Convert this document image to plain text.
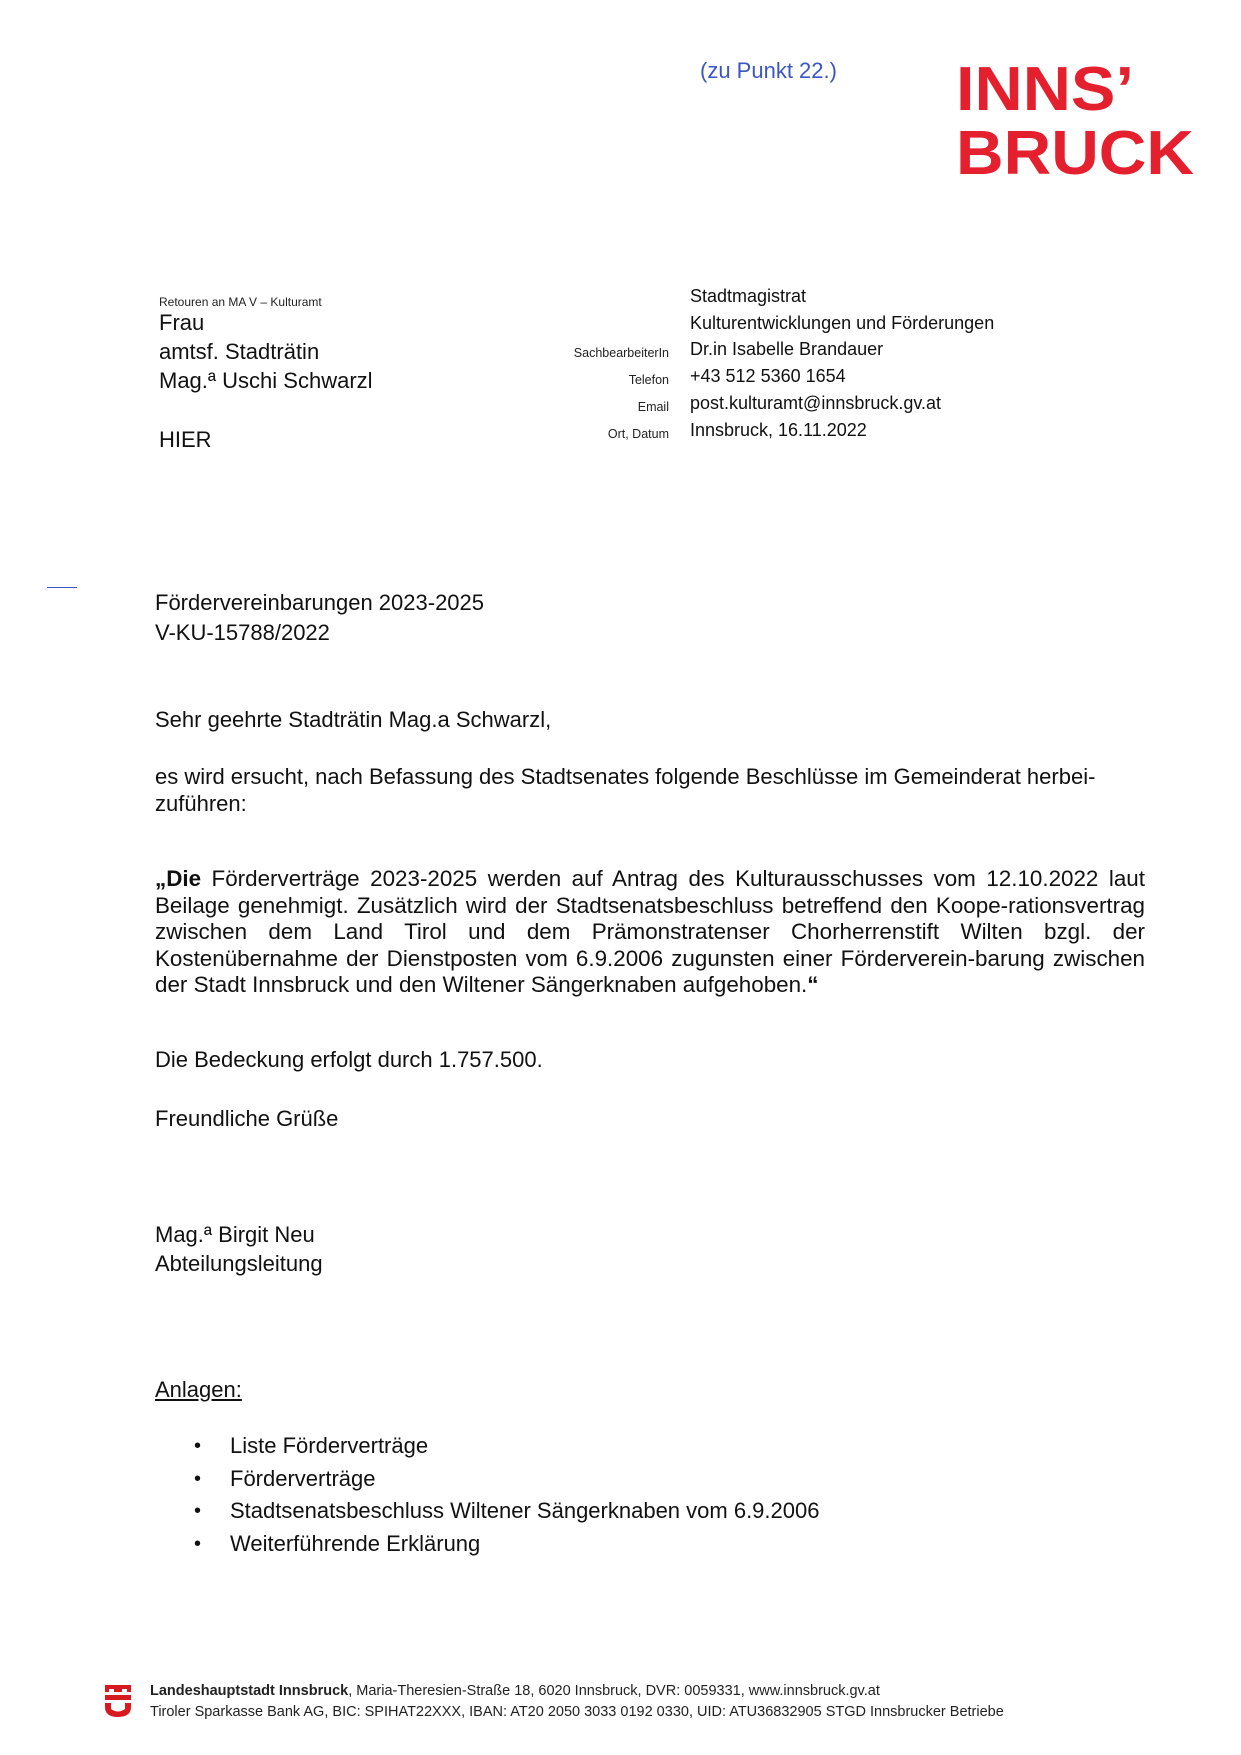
(zu Punkt 22.) INNS’
BRUCK
Retouren an MA V – Kulturamt
Frau
amtsf. Stadträtin
Mag.ª Uschi Schwarzl
HIER
Stadtmagistrat
Kulturentwicklungen und Förderungen
SachbearbeiterIn Dr.in Isabelle Brandauer
Telefon +43 512 5360 1654
Email post.kulturamt@innsbruck.gv.at
Ort, Datum Innsbruck, 16.11.2022
Fördervereinbarungen 2023-2025
V-KU-15788/2022
Sehr geehrte Stadträtin Mag.a Schwarzl,
es wird ersucht, nach Befassung des Stadtsenates folgende Beschlüsse im Gemeinderat herbei-zuführen:
„Die Förderverträge 2023-2025 werden auf Antrag des Kulturausschusses vom 12.10.2022 laut Beilage genehmigt. Zusätzlich wird der Stadtsenatsbeschluss betreffend den Koope-rationsvertrag zwischen dem Land Tirol und dem Prämonstratenser Chorherrenstift Wilten bzgl. der Kostenübernahme der Dienstposten vom 6.9.2006 zugunsten einer Förderverein-barung zwischen der Stadt Innsbruck und den Wiltener Sängerknaben aufgehoben.“
Die Bedeckung erfolgt durch 1.757.500.
Freundliche Grüße
Mag.ª Birgit Neu
Abteilungsleitung
Anlagen:
• Liste Förderverträge
• Förderverträge
• Stadtsenatsbeschluss Wiltener Sängerknaben vom 6.9.2006
• Weiterführende Erklärung
Landeshauptstadt Innsbruck, Maria-Theresien-Straße 18, 6020 Innsbruck, DVR: 0059331, www.innsbruck.gv.at
Tiroler Sparkasse Bank AG, BIC: SPIHAT22XXX, IBAN: AT20 2050 3033 0192 0330, UID: ATU36832905 STGD Innsbrucker Betriebe
